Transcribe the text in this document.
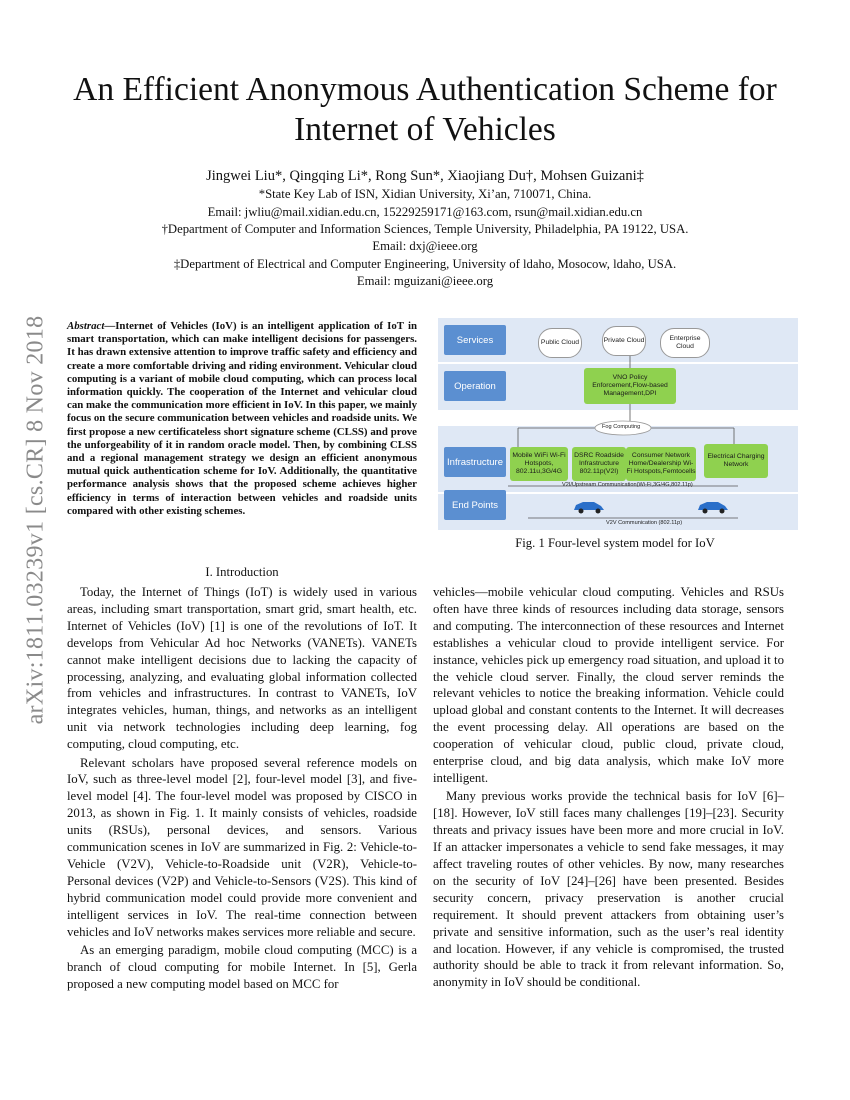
An Efficient Anonymous Authentication Scheme for Internet of Vehicles
Jingwei Liu*, Qingqing Li*, Rong Sun*, Xiaojiang Du†, Mohsen Guizani‡
*State Key Lab of ISN, Xidian University, Xi’an, 710071, China.
Email: jwliu@mail.xidian.edu.cn, 15229259171@163.com, rsun@mail.xidian.edu.cn
†Department of Computer and Information Sciences, Temple University, Philadelphia, PA 19122, USA.
Email: dxj@ieee.org
‡Department of Electrical and Computer Engineering, University of ldaho, Mosocow, ldaho, USA.
Email: mguizani@ieee.org
arXiv:1811.03239v1 [cs.CR] 8 Nov 2018 Abstract—Internet of Vehicles (IoV) is an intelligent application of IoT in smart transportation, which can make intelligent decisions for passengers. It has drawn extensive attention to improve traffic safety and efficiency and create a more comfortable driving and riding environment. Vehicular cloud computing is a variant of mobile cloud computing, which can process local information quickly. The cooperation of the Internet and vehicular cloud can make the communication more efficient in IoV. In this paper, we mainly focus on the secure communication between vehicles and roadside units. We first propose a new certificateless short signature scheme (CLSS) and prove the unforgeability of it in random oracle model. Then, by combining CLSS and a regional management strategy we design an efficient anonymous mutual quick authentication scheme for IoV. Additionally, the quantitative performance analysis shows that the proposed scheme achieves higher efficiency in terms of interaction between vehicles and roadside units compared with other existing schemes.
I. Introduction

Today, the Internet of Things (IoT) is widely used in various areas, including smart transportation, smart grid, smart health, etc. Internet of Vehicles (IoV) [1] is one of the revolutions of IoT. It develops from Vehicular Ad hoc Networks (VANETs). VANETs cannot make intelligent decisions due to lacking the capacity of processing, analyzing, and evaluating global information collected from vehicles and infrastructures. In contrast to VANETs, IoV integrates vehicles, human, things, and networks as an intelligent unit via network technologies including deep learning, fog computing, cloud computing, etc.

Relevant scholars have proposed several reference models on IoV, such as three-level model [2], four-level model [3], and five-level model [4]. The four-level model was proposed by CISCO in 2013, as shown in Fig. 1. It mainly consists of vehicles, roadside units (RSUs), personal devices, and sensors. Various communication scenes in IoV are summarized in Fig. 2: Vehicle-to-Vehicle (V2V), Vehicle-to-Roadside unit (V2R), Vehicle-to-Personal devices (V2P) and Vehicle-to-Sensors (V2S). This kind of hybrid communication model could provide more convenient and intelligent services in IoV. The real-time connection between vehicles and IoV networks makes services more reliable and secure.

As an emerging paradigm, mobile cloud computing (MCC) is a branch of cloud computing for mobile Internet. In [5], Gerla proposed a new computing model based on MCC for

vehicles—mobile vehicular cloud computing. Vehicles and RSUs often have three kinds of resources including data storage, sensors and computing. The interconnection of these resources and Internet establishes a vehicular cloud to provide intelligent service. For instance, vehicles pick up emergency road situation, and upload it to the vehicle cloud server. Finally, the cloud server reminds the relevant vehicles to notice the breaking information. Vehicle could upload global and constant contents to the Internet. It will decreases the event processing delay. All operations are based on the cooperation of vehicular cloud, public cloud, private cloud, enterprise cloud, and big data analysis, which make IoV more intelligent.

Many previous works provide the technical basis for IoV [6]–[18]. However, IoV still faces many challenges [19]–[23]. Security threats and privacy issues have been more and more crucial in IoV. If an attacker impersonates a vehicle to send fake messages, it may affect traveling routes of other vehicles. By now, many researches on the security of IoV [24]–[26] have been presented. Besides security concern, privacy preservation is another crucial requirement. It should prevent attackers from obtaining user’s private and sensitive information, such as the user’s real identity and location. However, if any vehicle is compromised, the trusted authority should be able to track it from relevant information. So, anonymity in IoV should be conditional.

Services
Operation
Infrastructure
End Points
Public Cloud	Private Cloud	Enterprise Cloud
VNO Policy Enforcement,Flow-based Management,DPI
Fog Computing
Mobile WiFi Wi-Fi Hotspots, 802.11u,3G/4G
DSRC Roadside Infrastructure 802.11p(V2I)
Consumer Network Home/Dealership Wi-Fi Hotspots,Femtocells
Electrical Charging Network
V2I/Upstream Communication(Wi-Fi,3G/4G,802.11p)
V2V Communication (802.11p)
Fig. 1 Four-level system model for IoV
